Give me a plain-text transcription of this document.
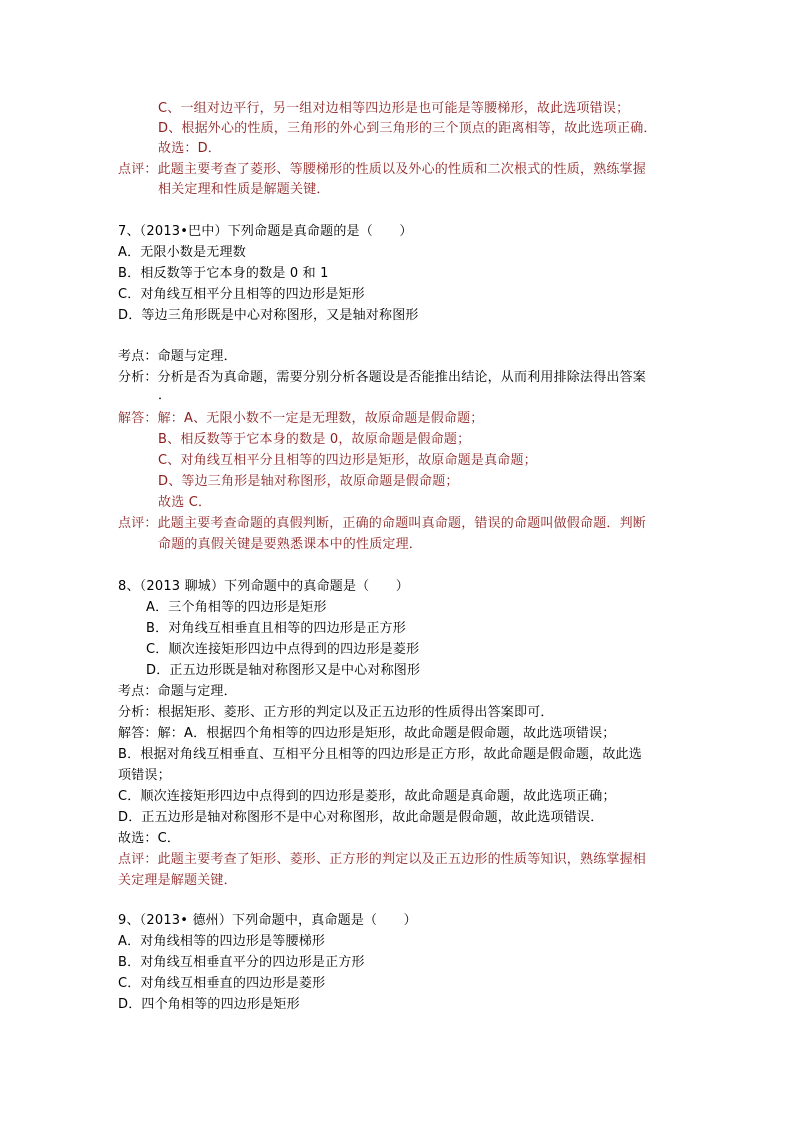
C、一组对边平行，另一组对边相等四边形是也可能是等腰梯形，故此选项错误；
D、根据外心的性质，三角形的外心到三角形的三个顶点的距离相等，故此选项正确．
故选：D．
点评：此题主要考查了菱形、等腰梯形的性质以及外心的性质和二次根式的性质，熟练掌握
相关定理和性质是解题关键．
7、（2013•巴中）下列命题是真命题的是（　　）
A．无限小数是无理数
B．相反数等于它本身的数是 0 和 1
C．对角线互相平分且相等的四边形是矩形
D．等边三角形既是中心对称图形，又是轴对称图形
考点：命题与定理．
分析：分析是否为真命题，需要分别分析各题设是否能推出结论，从而利用排除法得出答案
．
解答：解：A、无限小数不一定是无理数，故原命题是假命题；
B、相反数等于它本身的数是 0，故原命题是假命题；
C、对角线互相平分且相等的四边形是矩形，故原命题是真命题；
D、等边三角形是轴对称图形，故原命题是假命题；
故选 C．
点评：此题主要考查命题的真假判断，正确的命题叫真命题，错误的命题叫做假命题．判断
命题的真假关键是要熟悉课本中的性质定理．
8、（2013 聊城）下列命题中的真命题是（　　）
A．三个角相等的四边形是矩形
B．对角线互相垂直且相等的四边形是正方形
C．顺次连接矩形四边中点得到的四边形是菱形
D．正五边形既是轴对称图形又是中心对称图形
考点：命题与定理．
分析：根据矩形、菱形、正方形的判定以及正五边形的性质得出答案即可．
解答：解：A．根据四个角相等的四边形是矩形，故此命题是假命题，故此选项错误；
B．根据对角线互相垂直、互相平分且相等的四边形是正方形，故此命题是假命题，故此选
项错误；
C．顺次连接矩形四边中点得到的四边形是菱形，故此命题是真命题，故此选项正确；
D．正五边形是轴对称图形不是中心对称图形，故此命题是假命题，故此选项错误．
故选：C．
点评：此题主要考查了矩形、菱形、正方形的判定以及正五边形的性质等知识，熟练掌握相
关定理是解题关键．
9、（2013• 德州）下列命题中，真命题是（　　）
A．对角线相等的四边形是等腰梯形
B．对角线互相垂直平分的四边形是正方形
C．对角线互相垂直的四边形是菱形
D．四个角相等的四边形是矩形
